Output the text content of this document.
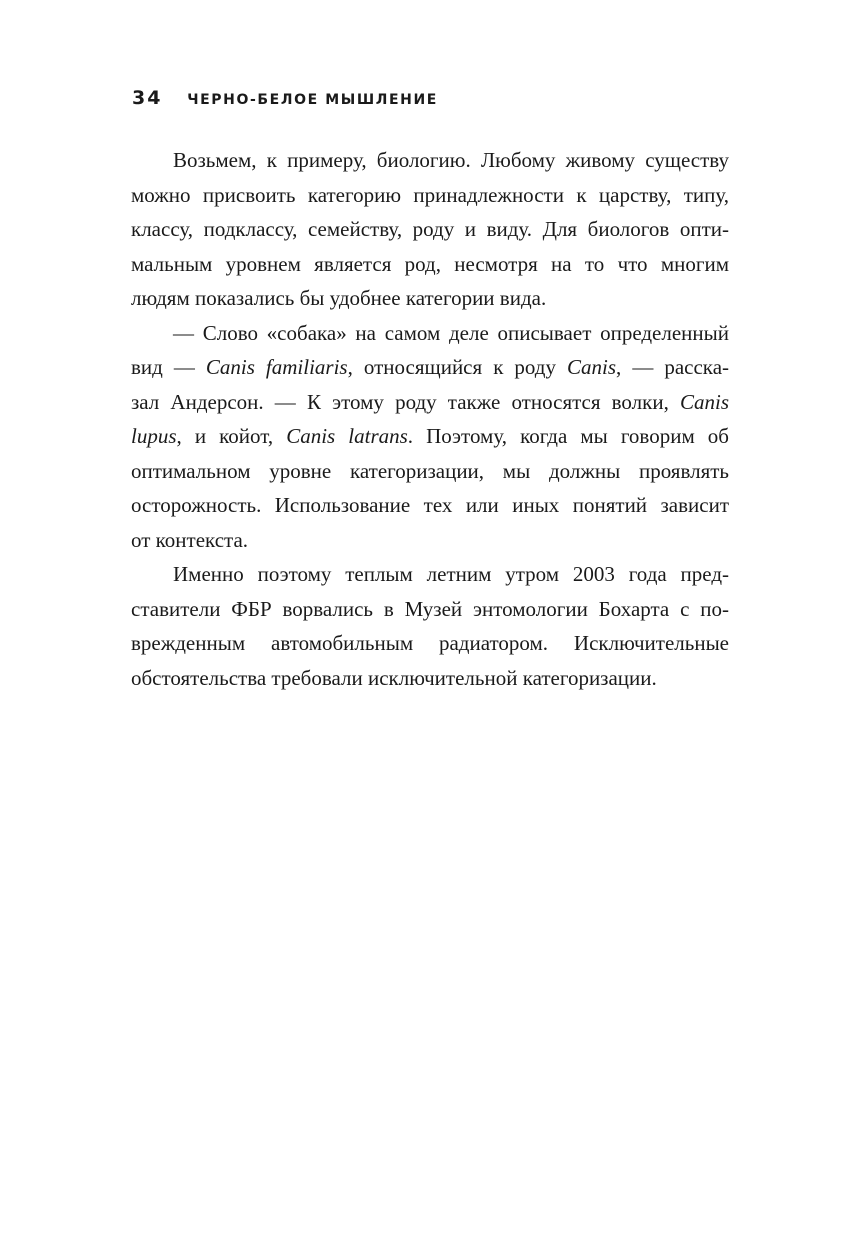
34 ЧЕРНО-БЕЛОЕ МЫШЛЕНИЕ
Возьмем, к примеру, биологию. Любому живому существу
можно присвоить категорию принадлежности к царству, типу,
классу, подклассу, семейству, роду и виду. Для биологов опти-
мальным уровнем является род, несмотря на то что многим
людям показались бы удобнее категории вида.
— Слово «собака» на самом деле описывает определенный
вид — Canis familiaris, относящийся к роду Canis, — расска-
зал Андерсон. — К этому роду также относятся волки, Canis
lupus, и койот, Canis latrans. Поэтому, когда мы говорим об
оптимальном уровне категоризации, мы должны проявлять
осторожность. Использование тех или иных понятий зависит
от контекста.
Именно поэтому теплым летним утром 2003 года пред-
ставители ФБР ворвались в Музей энтомологии Бохарта с по-
врежденным автомобильным радиатором. Исключительные
обстоятельства требовали исключительной категоризации.
